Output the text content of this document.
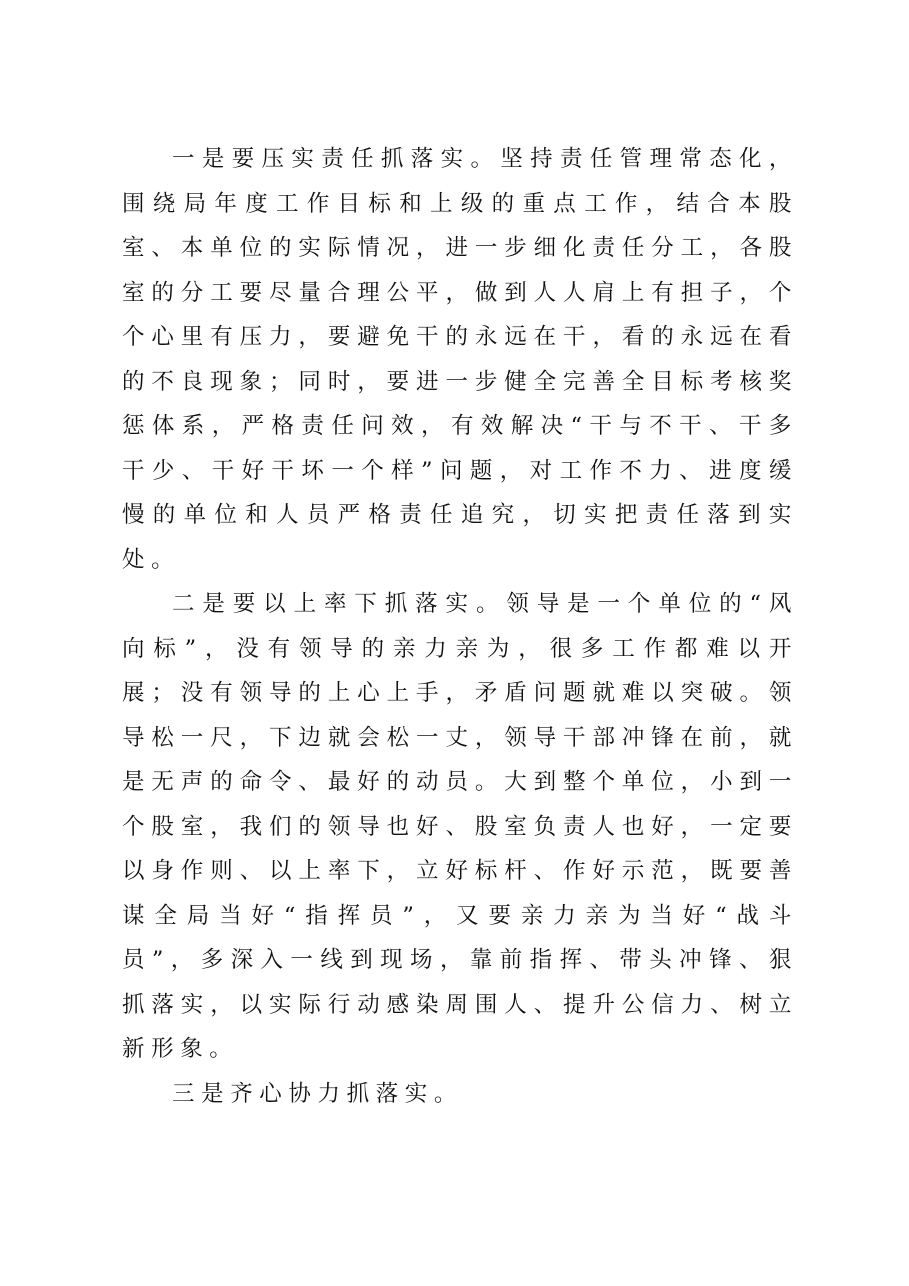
一是要压实责任抓落实。坚持责任管理常态化，围绕局年度工作目标和上级的重点工作，结合本股室、本单位的实际情况，进一步细化责任分工，各股室的分工要尽量合理公平，做到人人肩上有担子，个个心里有压力，要避免干的永远在干，看的永远在看的不良现象；同时，要进一步健全完善全目标考核奖惩体系，严格责任问效，有效解决“干与不干、干多干少、干好干坏一个样”问题，对工作不力、进度缓慢的单位和人员严格责任追究，切实把责任落到实处。

二是要以上率下抓落实。领导是一个单位的“风向标”，没有领导的亲力亲为，很多工作都难以开展；没有领导的上心上手，矛盾问题就难以突破。领导松一尺，下边就会松一丈，领导干部冲锋在前，就是无声的命令、最好的动员。大到整个单位，小到一个股室，我们的领导也好、股室负责人也好，一定要以身作则、以上率下，立好标杆、作好示范，既要善谋全局当好“指挥员”，又要亲力亲为当好“战斗员”，多深入一线到现场，靠前指挥、带头冲锋、狠抓落实，以实际行动感染周围人、提升公信力、树立新形象。

三是齐心协力抓落实。
